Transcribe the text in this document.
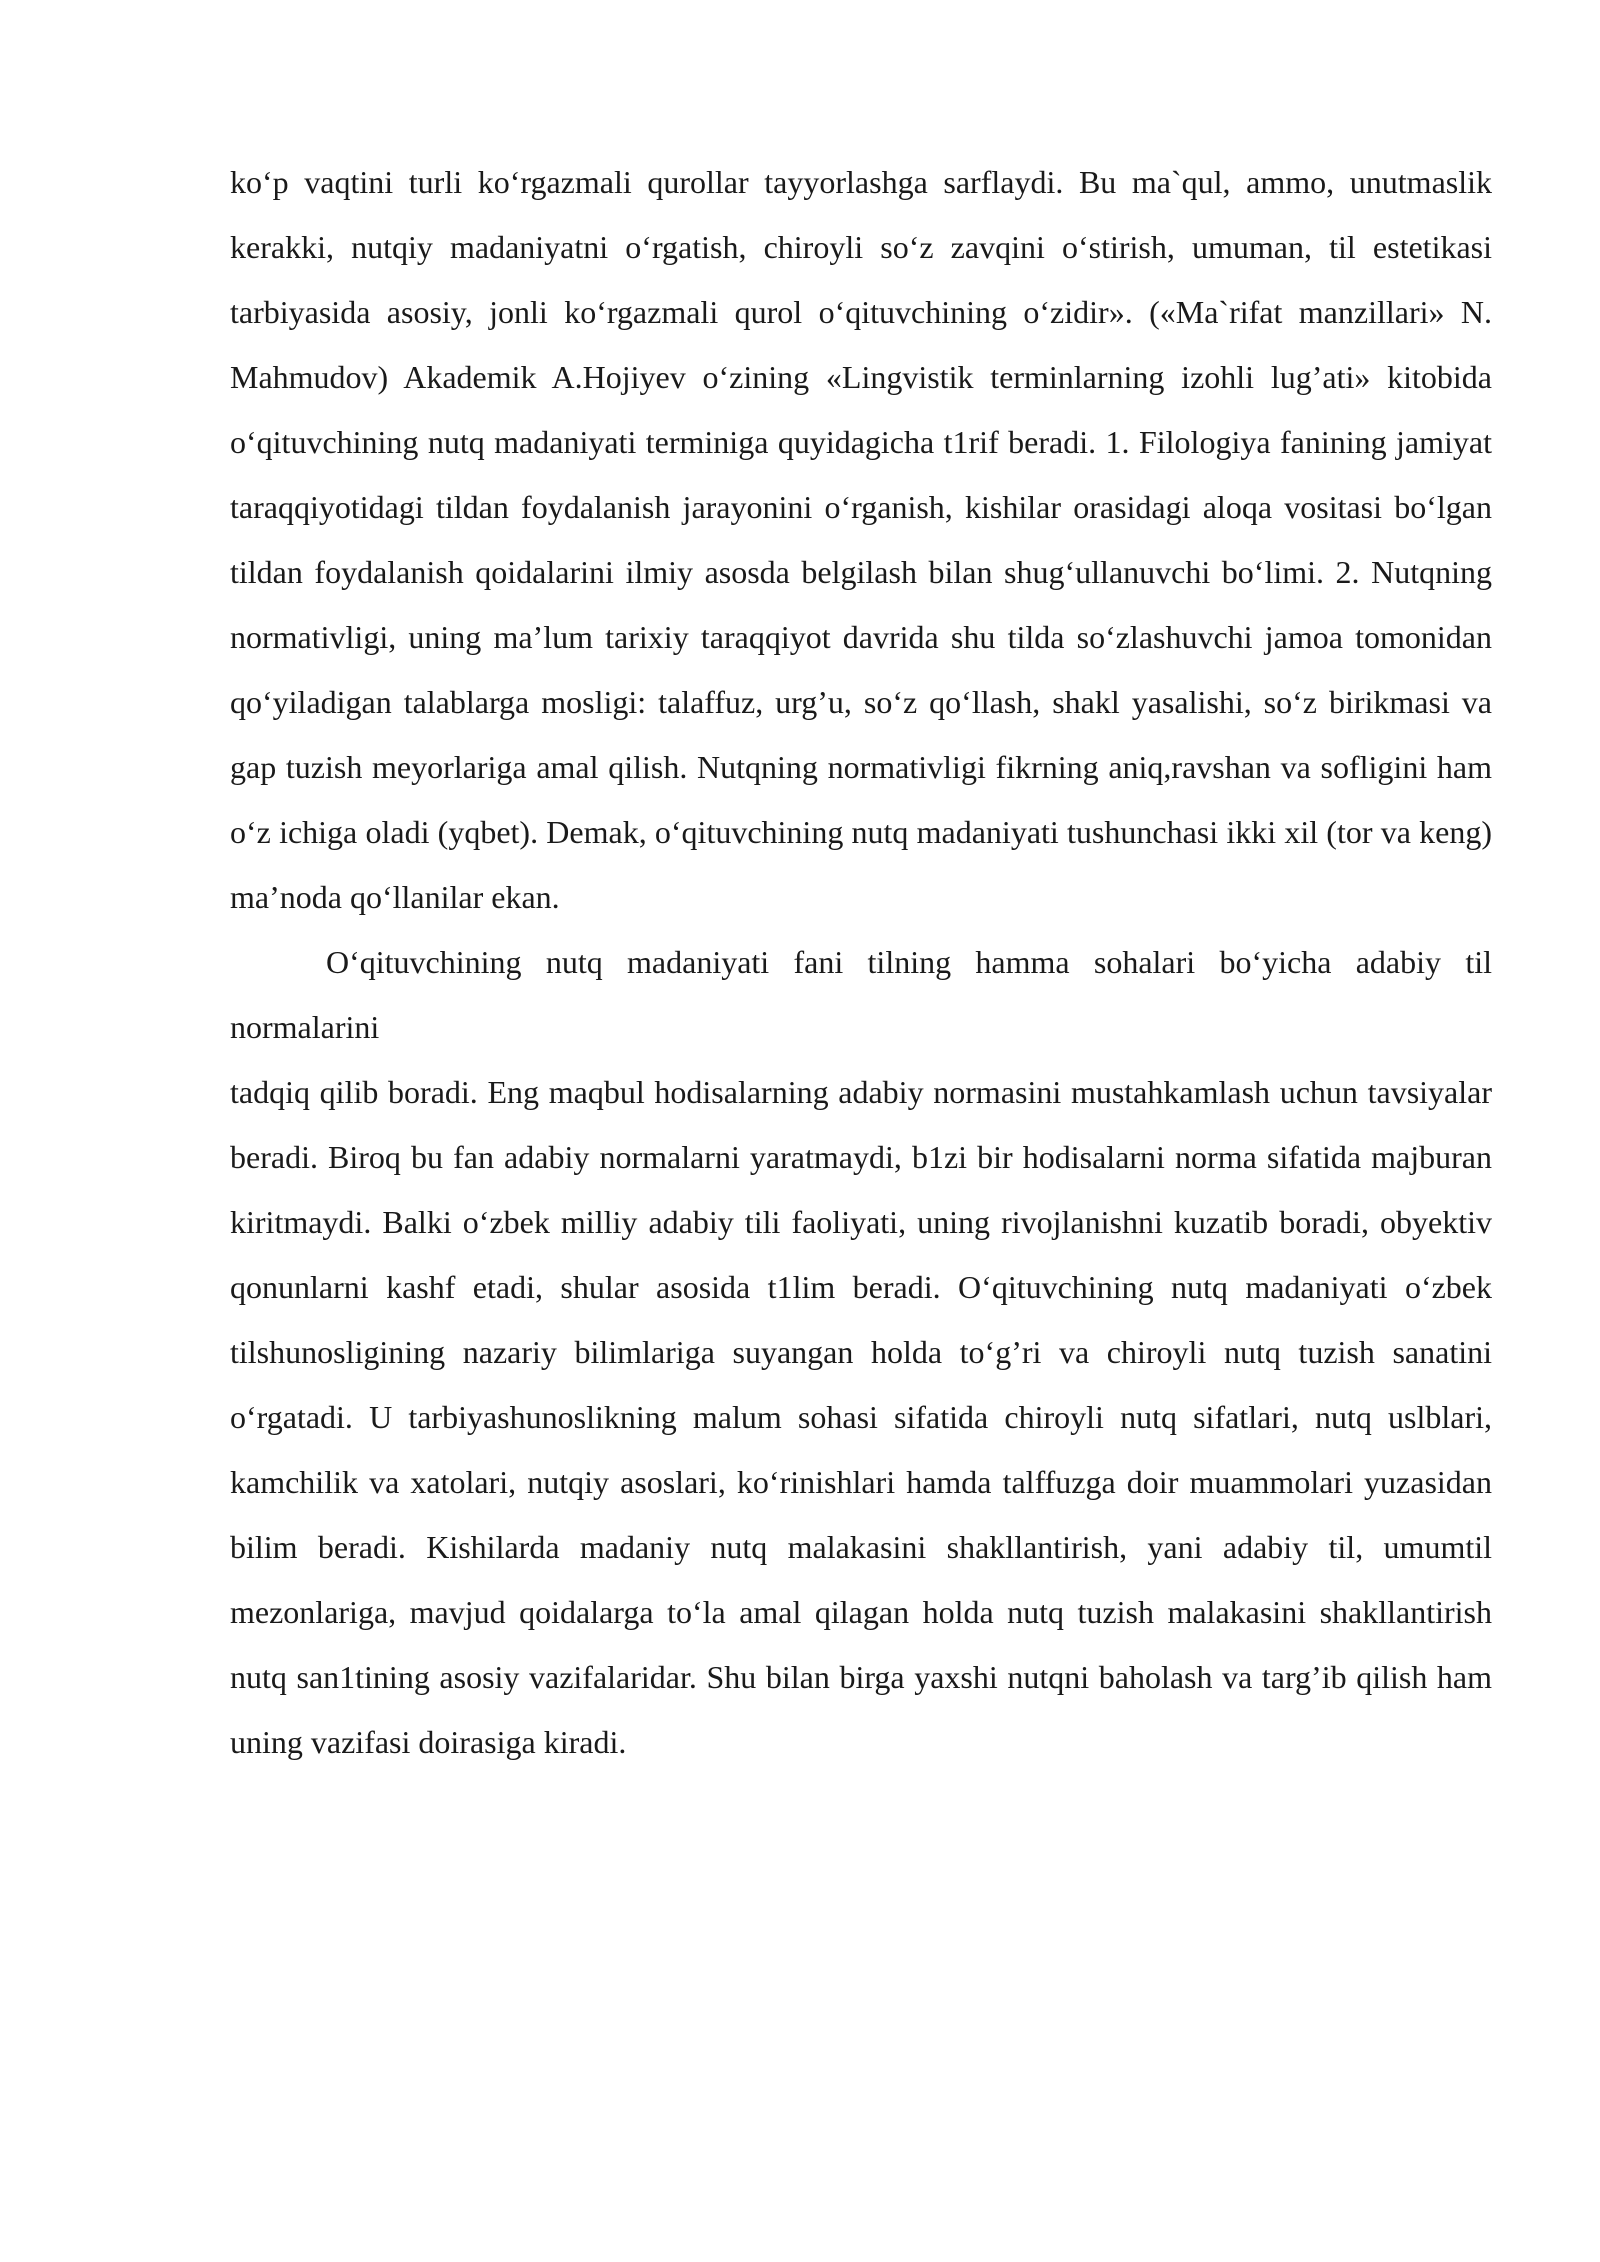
ko‘p vaqtini turli ko‘rgazmali qurollar tayyorlashga sarflaydi. Bu ma`qul, ammo, unutmaslik kerakki, nutqiy madaniyatni o‘rgatish, chiroyli so‘z zavqini o‘stirish, umuman, til estetikasi tarbiyasida asosiy, jonli ko‘rgazmali qurol o‘qituvchining o‘zidir». («Ma`rifat manzillari» N. Mahmudov) Akademik A.Hojiyev o‘zining «Lingvistik terminlarning izohli lug’ati» kitobida o‘qituvchining nutq madaniyati terminiga quyidagicha t1rif beradi. 1. Filologiya fanining jamiyat taraqqiyotidagi tildan foydalanish jarayonini o‘rganish, kishilar orasidagi aloqa vositasi bo‘lgan tildan foydalanish qoidalarini ilmiy asosda belgilash bilan shug‘ullanuvchi bo‘limi. 2. Nutqning normativligi, uning ma’lum tarixiy taraqqiyot davrida shu tilda so‘zlashuvchi jamoa tomonidan qo‘yiladigan talablarga mosligi: talaffuz, urg’u, so‘z qo‘llash, shakl yasalishi, so‘z birikmasi va gap tuzish meyorlariga amal qilish. Nutqning normativligi fikrning aniq,ravshan va sofligini ham o‘z ichiga oladi (yqbet). Demak, o‘qituvchining nutq madaniyati tushunchasi ikki xil (tor va keng) ma’noda qo‘llanilar ekan.

O‘qituvchining nutq madaniyati fani tilning hamma sohalari bo‘yicha adabiy til normalarini

tadqiq qilib boradi. Eng maqbul hodisalarning adabiy normasini mustahkamlash uchun tavsiyalar beradi. Biroq bu fan adabiy normalarni yaratmaydi, b1zi bir hodisalarni norma sifatida majburan kiritmaydi. Balki o‘zbek milliy adabiy tili faoliyati, uning rivojlanishni kuzatib boradi, obyektiv qonunlarni kashf etadi, shular asosida t1lim beradi. O‘qituvchining nutq madaniyati o‘zbek tilshunosligining nazariy bilimlariga suyangan holda to‘g’ri va chiroyli nutq tuzish sanatini o‘rgatadi. U tarbiyashunoslikning malum sohasi sifatida chiroyli nutq sifatlari, nutq uslblari, kamchilik va xatolari, nutqiy asoslari, ko‘rinishlari hamda talffuzga doir muammolari yuzasidan bilim beradi. Kishilarda madaniy nutq malakasini shakllantirish, yani adabiy til, umumtil mezonlariga, mavjud qoidalarga to‘la amal qilagan holda nutq tuzish malakasini shakllantirish nutq san1tining asosiy vazifalaridar. Shu bilan birga yaxshi nutqni baholash va targ’ib qilish ham uning vazifasi doirasiga kiradi.
